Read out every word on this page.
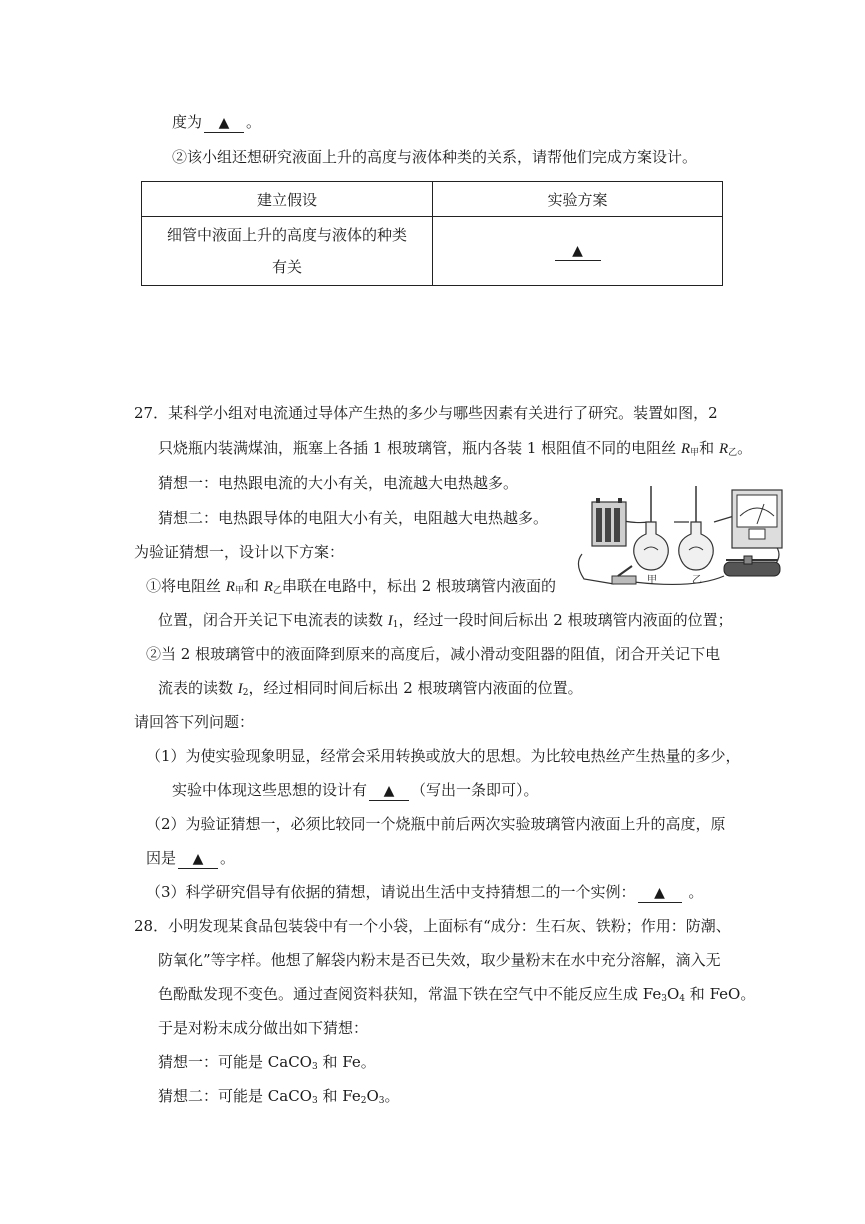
度为 ▲ 。
②该小组还想研究液面上升的高度与液体种类的关系，请帮他们完成方案设计。
建立假设	实验方案

细管中液面上升的高度与液体的种类有关	▲
27．某科学小组对电流通过导体产生热的多少与哪些因素有关进行了研究。装置如图，2
只烧瓶内装满煤油，瓶塞上各插 1 根玻璃管，瓶内各装 1 根阻值不同的电阻丝 $R_甲$和 $R_乙$。
猜想一：电热跟电流的大小有关，电流越大电热越多。
猜想二：电热跟导体的电阻大小有关，电阻越大电热越多。
为验证猜想一，设计以下方案：
①将电阻丝 $R_甲$和 $R_乙$串联在电路中，标出 2 根玻璃管内液面的
位置，闭合开关记下电流表的读数 $I_1$，经过一段时间后标出 2 根玻璃管内液面的位置；
②当 2 根玻璃管中的液面降到原来的高度后，减小滑动变阻器的阻值，闭合开关记下电
流表的读数 $I_2$，经过相同时间后标出 2 根玻璃管内液面的位置。
请回答下列问题：
（1）为使实验现象明显，经常会采用转换或放大的思想。为比较电热丝产生热量的多少，
实验中体现这些思想的设计有 ▲ （写出一条即可）。
（2）为验证猜想一，必须比较同一个烧瓶中前后两次实验玻璃管内液面上升的高度，原
因是 ▲ 。
（3）科学研究倡导有依据的猜想，请说出生活中支持猜想二的一个实例： ▲ 。
甲	乙
28．小明发现某食品包装袋中有一个小袋，上面标有“成分：生石灰、铁粉；作用：防潮、
防氧化”等字样。他想了解袋内粉末是否已失效，取少量粉末在水中充分溶解，滴入无
色酚酞发现不变色。通过查阅资料获知，常温下铁在空气中不能反应生成 $Fe_3O_4$ 和 FeO。
于是对粉末成分做出如下猜想：
猜想一：可能是 CaCO$_3$ 和 Fe。
猜想二：可能是 CaCO$_3$ 和 $Fe_2O_3$。
